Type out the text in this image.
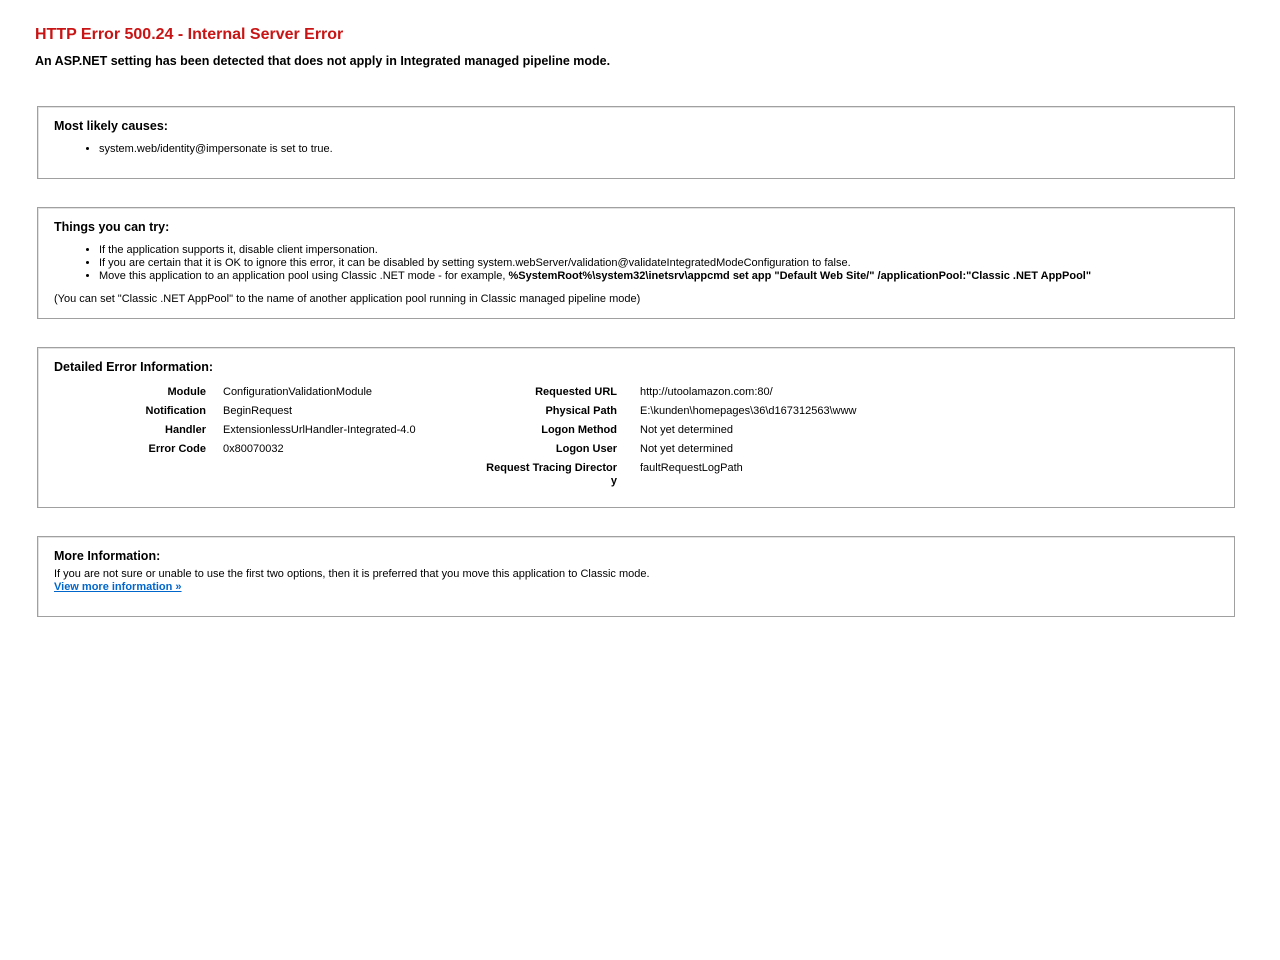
HTTP Error 500.24 - Internal Server Error
An ASP.NET setting has been detected that does not apply in Integrated managed pipeline mode.
Most likely causes:
• system.web/identity@impersonate is set to true.
Things you can try:
• If the application supports it, disable client impersonation.
• If you are certain that it is OK to ignore this error, it can be disabled by setting system.webServer/validation@validateIntegratedModeConfiguration to false.
• Move this application to an application pool using Classic .NET mode - for example, %SystemRoot%\system32\inetsrv\appcmd set app "Default Web Site/" /applicationPool:"Classic .NET AppPool"

(You can set "Classic .NET AppPool" to the name of another application pool running in Classic managed pipeline mode)

Detailed Error Information:
Module ConfigurationValidationModule
Notification BeginRequest
Handler ExtensionlessUrlHandler-Integrated-4.0
Error Code 0x80070032
Requested URL http://utoolamazon.com:80/
Physical Path E:\kunden\homepages\36\d167312563\www
Logon Method Not yet determined
Logon User Not yet determined
Request Tracing Directory
faultRequestLogPath
More Information:

If you are not sure or unable to use the first two options, then it is preferred that you move this application to Classic mode.

View more information »
